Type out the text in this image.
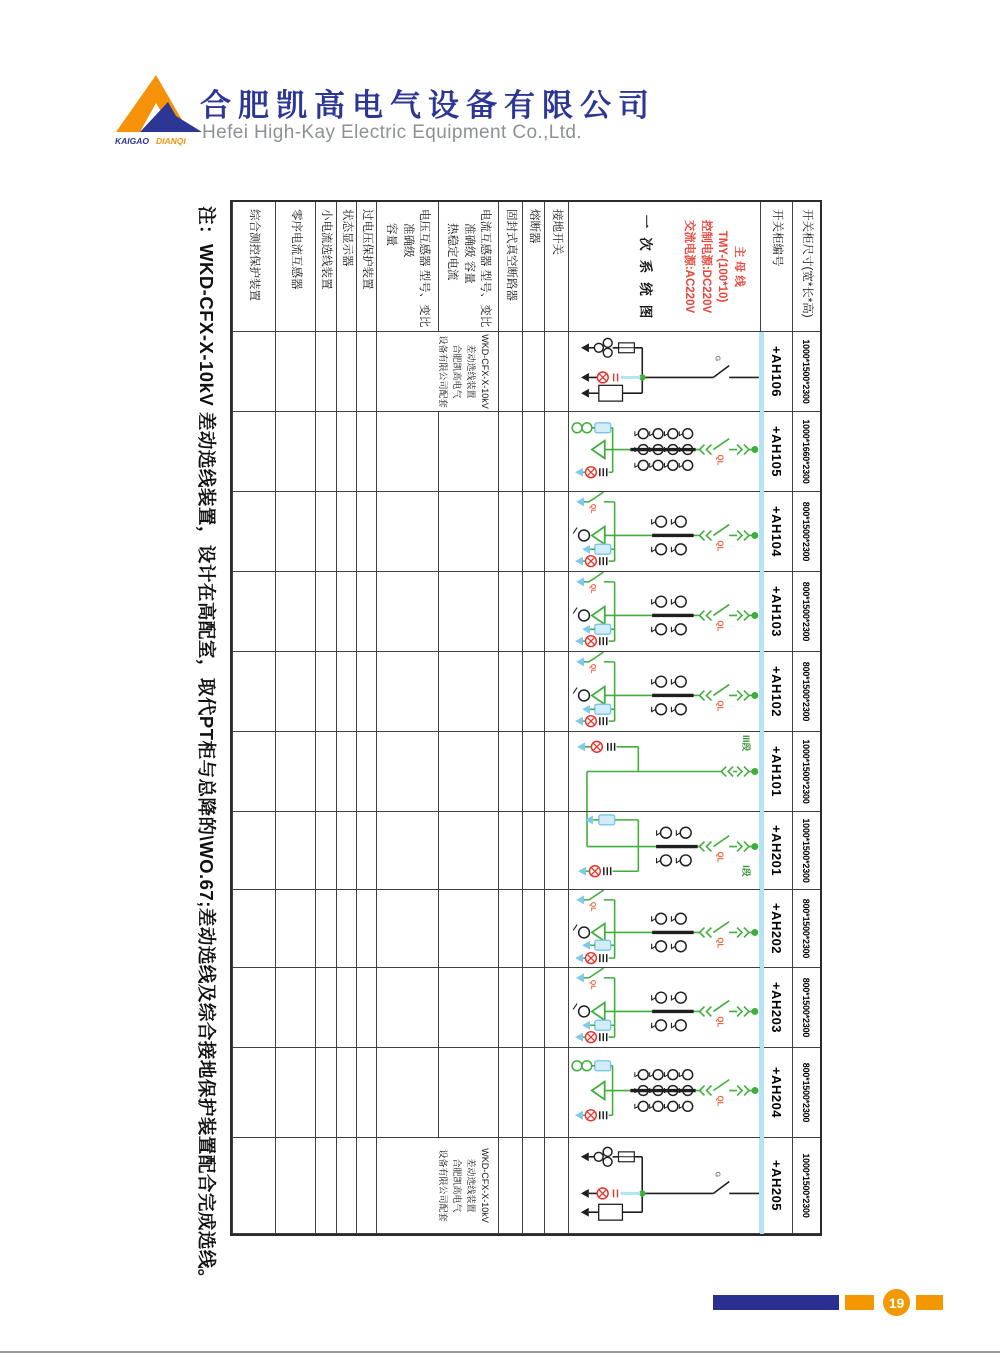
KAIGAO DIANQI
合肥凯高电气设备有限公司
Hefei High-Kay Electric Equipment Co.,Ltd.
开关柜尺寸(宽*长*高)
1000*1500*2300
1000*1660*2300
800*1500*2300
800*1500*2300
800*1500*2300
1000*1500*2300
1000*1500*2300
800*1500*2300
800*1500*2300
800*1500*2300
1000*1500*2300
开关柜编号
+AH106
+AH105
+AH104
+AH103
+AH102
+AH101
+AH201
+AH202
+AH203
+AH204
+AH205
主 母 线
TMY-(100*10)
控制电源:DC220V
交流电源:AC220V
一次系统图
G
QL
QL
QL
QL
QL
QL
QL
III段
QL
I段
QL
QL
QL
QL
QL
G
接地开关
熔断器
固封式真空断路器
电流互感器 型号、变比
准确级 容量
热稳定电流
电压互感器 型号、变比
准确级
容量
WKD-CFX-X-10kV
差动选线装置
合肥凯高电气
设备有限公司配套
WKD-CFX-X-10kV
差动选线装置
合肥凯高电气
设备有限公司配套
过电压保护装置
状态显示器
小电流选线装置
零序电流互感器
综合测控保护装置
注：WKD-CFX-X-10kV 差动选线装置，设计在高配室，取代PT柜与总降的\WO.67;差动选线及综合接地保护装置配合完成选线。
19
